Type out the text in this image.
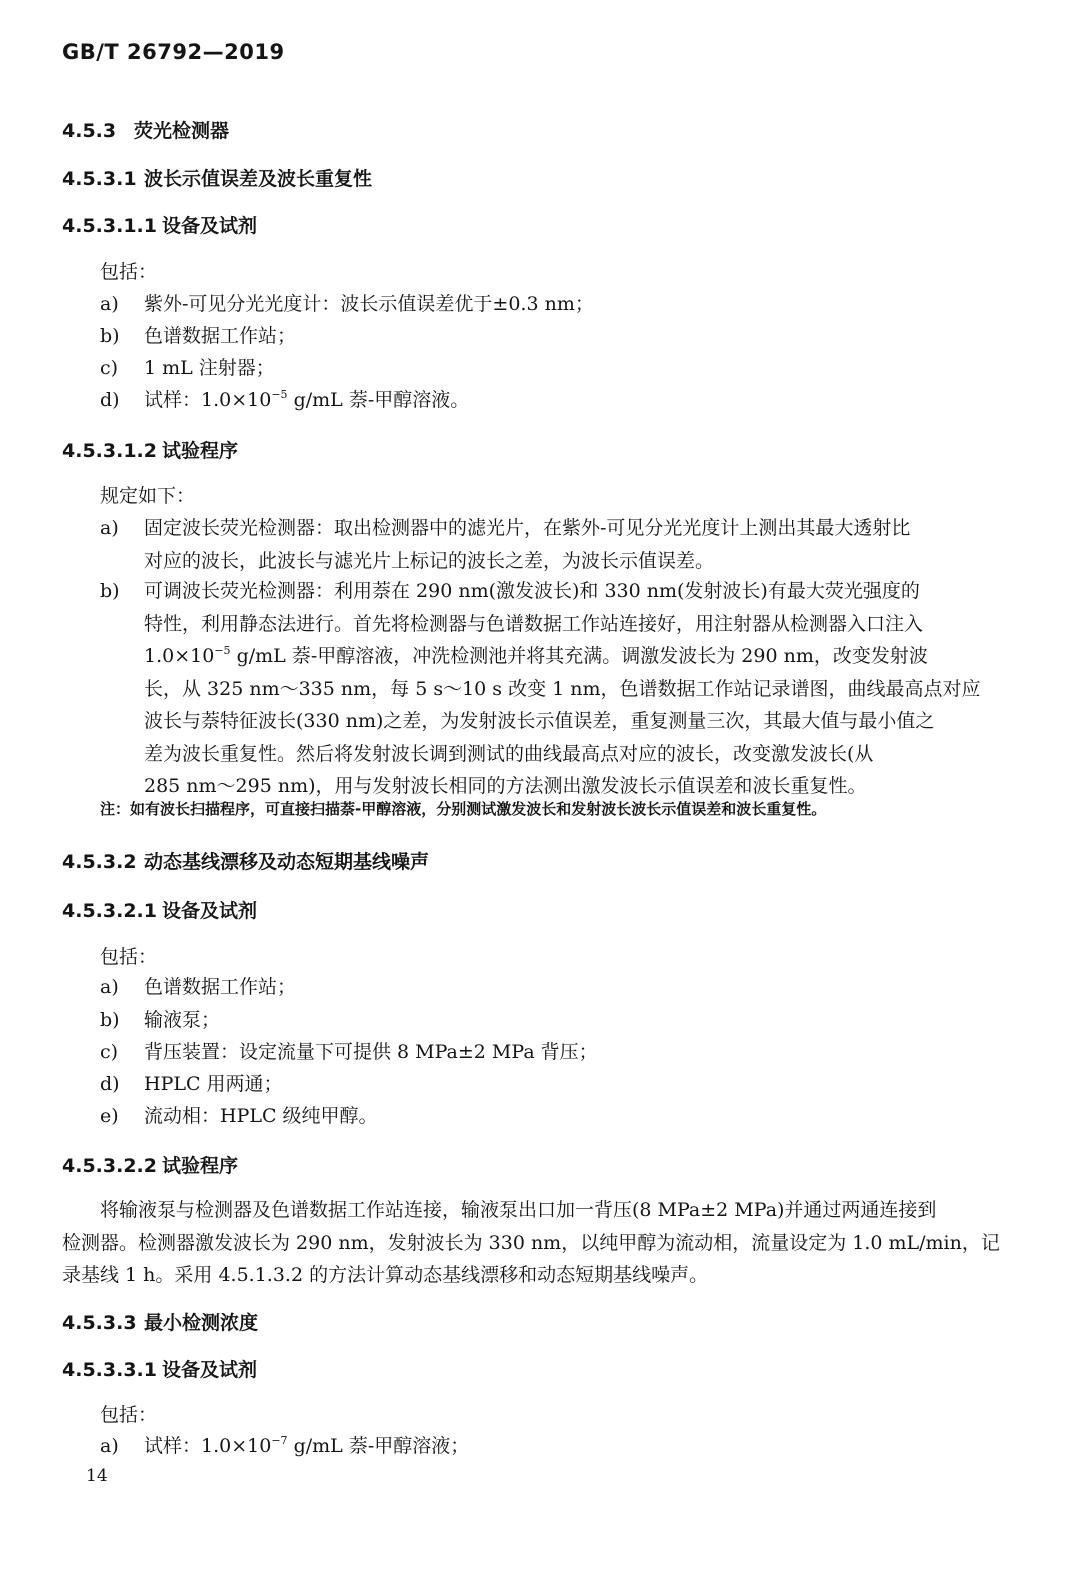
GB/T 26792—2019
4.5.3 荧光检测器
4.5.3.1 波长示值误差及波长重复性
4.5.3.1.1 设备及试剂
包括：
a)	紫外-可见分光光度计：波长示值误差优于±0.3 nm；
b)	色谱数据工作站；
c)	1 mL 注射器；
d)	试样：$1.0\times 10^{-5}$ g/mL 萘-甲醇溶液。
4.5.3.1.2 试验程序
规定如下：
a)	固定波长荧光检测器：取出检测器中的滤光片，在紫外-可见分光光度计上测出其最大透射比
对应的波长，此波长与滤光片上标记的波长之差，为波长示值误差。
b)	可调波长荧光检测器：利用萘在 290 nm(激发波长)和 330 nm(发射波长)有最大荧光强度的
特性，利用静态法进行。首先将检测器与色谱数据工作站连接好，用注射器从检测器入口注入
$1.0\times 10^{-5}$ g/mL 萘-甲醇溶液，冲洗检测池并将其充满。调激发波长为 290 nm，改变发射波
长，从 325 nm～335 nm，每 5 s～10 s 改变 1 nm，色谱数据工作站记录谱图，曲线最高点对应
波长与萘特征波长(330 nm)之差，为发射波长示值误差，重复测量三次，其最大值与最小值之
差为波长重复性。然后将发射波长调到测试的曲线最高点对应的波长，改变激发波长(从
285 nm～295 nm)，用与发射波长相同的方法测出激发波长示值误差和波长重复性。
注：如有波长扫描程序，可直接扫描萘-甲醇溶液，分别测试激发波长和发射波长波长示值误差和波长重复性。
4.5.3.2 动态基线漂移及动态短期基线噪声
4.5.3.2.1 设备及试剂
包括：
a)	色谱数据工作站；
b)	输液泵；
c)	背压装置：设定流量下可提供 8 MPa±2 MPa 背压；
d)	HPLC 用两通；
e)	流动相：HPLC 级纯甲醇。
4.5.3.2.2 试验程序
将输液泵与检测器及色谱数据工作站连接，输液泵出口加一背压(8 MPa±2 MPa)并通过两通连接到
检测器。检测器激发波长为 290 nm，发射波长为 330 nm，以纯甲醇为流动相，流量设定为 1.0 mL/min，记
录基线 1 h。采用 4.5.1.3.2 的方法计算动态基线漂移和动态短期基线噪声。
4.5.3.3 最小检测浓度
4.5.3.3.1 设备及试剂
包括：
a)	试样：$1.0\times 10^{-7}$ g/mL 萘-甲醇溶液；
14
